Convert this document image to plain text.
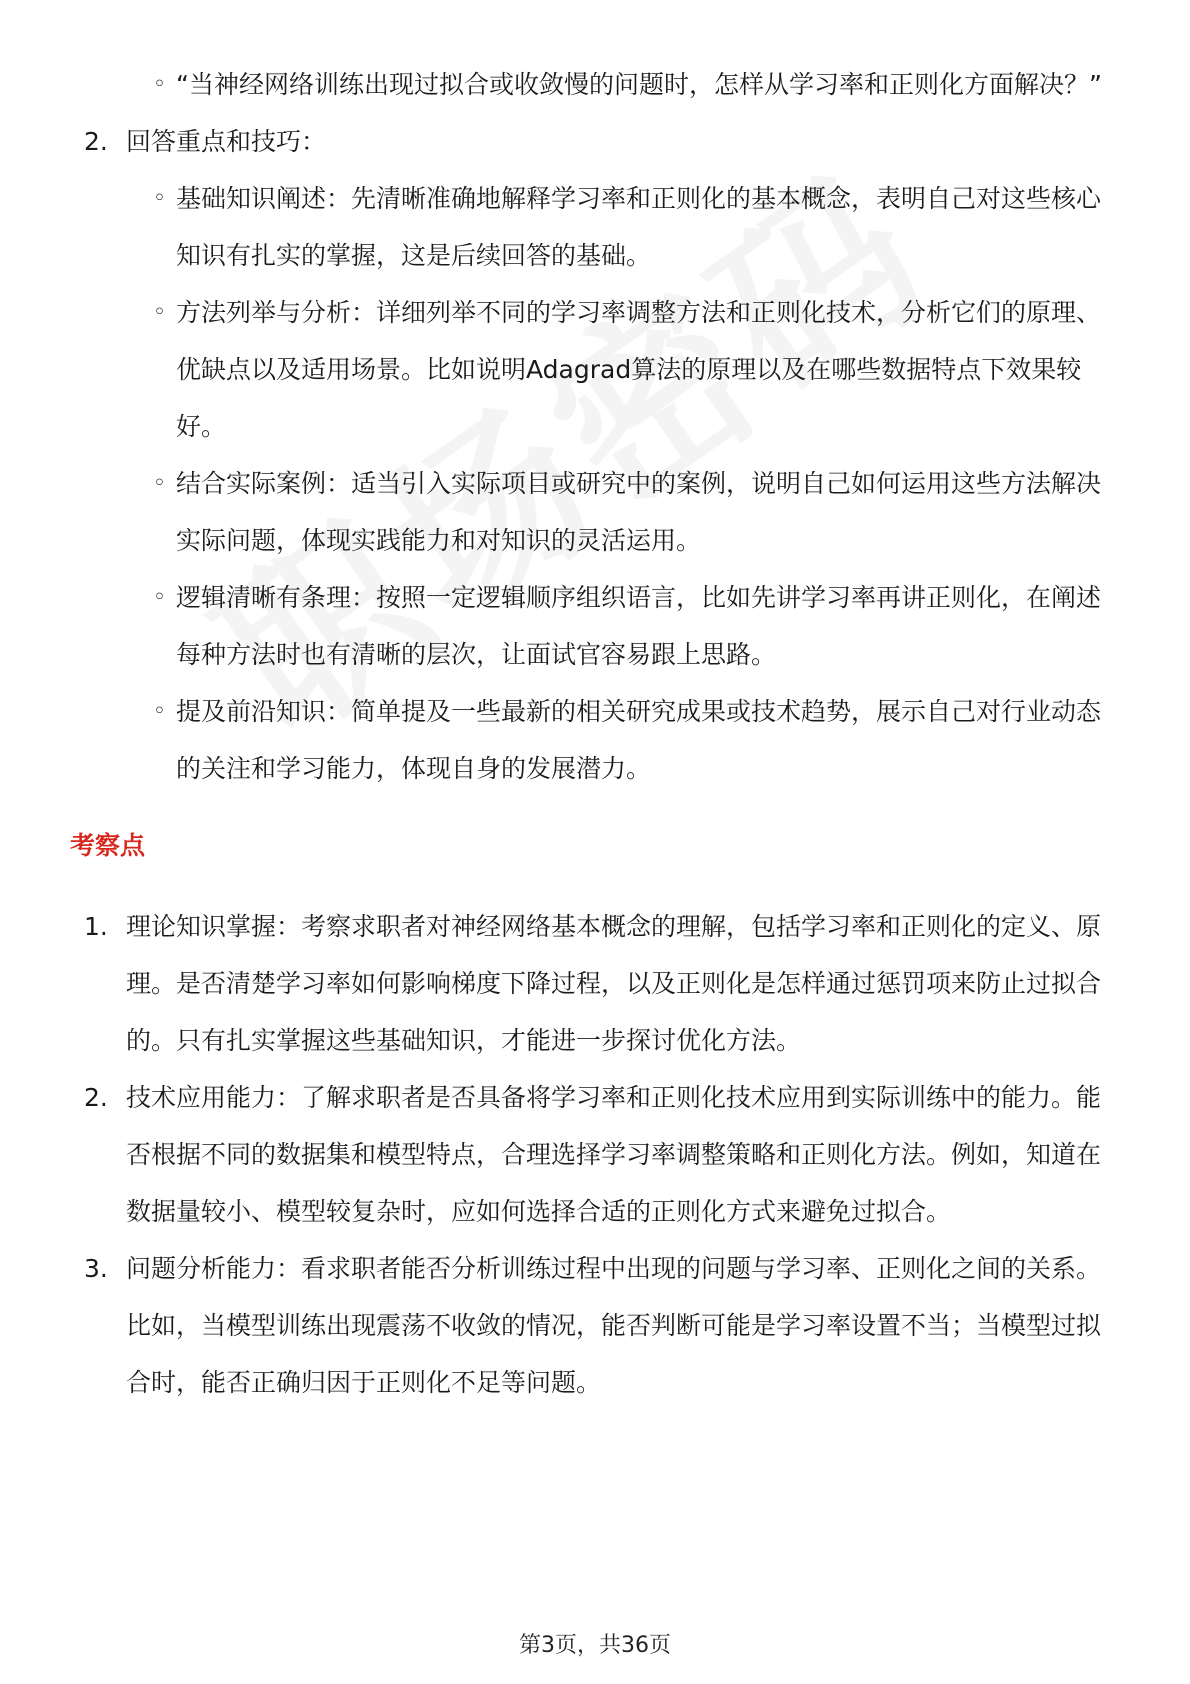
◦ “当神经网络训练出现过拟合或收敛慢的问题时，怎样从学习率和正则化方面解决？”
2. 回答重点和技巧：
◦ 基础知识阐述：先清晰准确地解释学习率和正则化的基本概念，表明自己对这些核心知识有扎实的掌握，这是后续回答的基础。
◦ 方法列举与分析：详细列举不同的学习率调整方法和正则化技术，分析它们的原理、优缺点以及适用场景。比如说明Adagrad算法的原理以及在哪些数据特点下效果较好。
◦ 结合实际案例：适当引入实际项目或研究中的案例，说明自己如何运用这些方法解决实际问题，体现实践能力和对知识的灵活运用。
◦ 逻辑清晰有条理：按照一定逻辑顺序组织语言，比如先讲学习率再讲正则化，在阐述每种方法时也有清晰的层次，让面试官容易跟上思路。
◦ 提及前沿知识：简单提及一些最新的相关研究成果或技术趋势，展示自己对行业动态的关注和学习能力，体现自身的发展潜力。
考察点
1. 理论知识掌握：考察求职者对神经网络基本概念的理解，包括学习率和正则化的定义、原理。是否清楚学习率如何影响梯度下降过程，以及正则化是怎样通过惩罚项来防止过拟合的。只有扎实掌握这些基础知识，才能进一步探讨优化方法。
2. 技术应用能力：了解求职者是否具备将学习率和正则化技术应用到实际训练中的能力。能否根据不同的数据集和模型特点，合理选择学习率调整策略和正则化方法。例如，知道在数据量较小、模型较复杂时，应如何选择合适的正则化方式来避免过拟合。
3. 问题分析能力：看求职者能否分析训练过程中出现的问题与学习率、正则化之间的关系。比如，当模型训练出现震荡不收敛的情况，能否判断可能是学习率设置不当；当模型过拟合时，能否正确归因于正则化不足等问题。
第3页，共36页
